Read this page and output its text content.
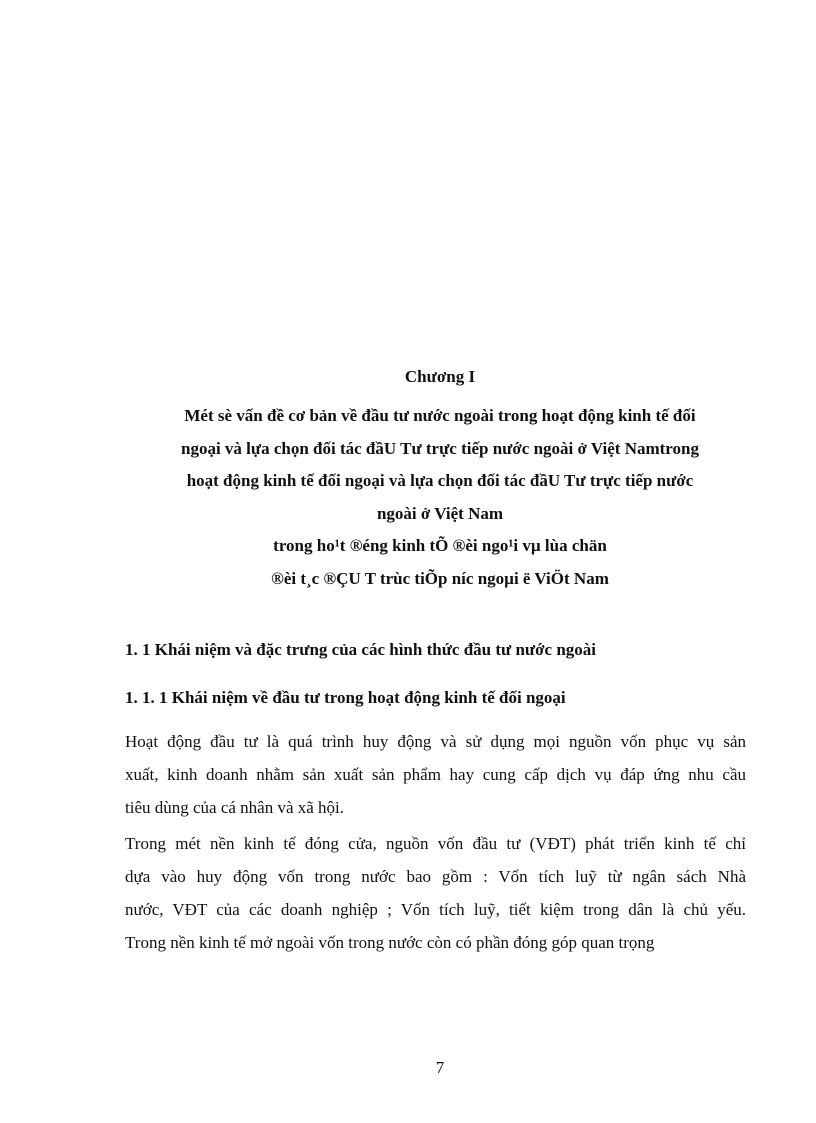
Chương I
Mét sè vấn đề cơ bản về đầu tư nước ngoài trong hoạt động kinh tế đối
ngoại và lựa chọn đối tác đầU Tư trực tiếp nước ngoài ở Việt Namtrong
hoạt động kinh tế đối ngoại và lựa chọn đối tác đầU Tư trực tiếp nước
ngoài ở Việt Nam
trong ho¹t ®éng kinh tÕ ®èi ngo¹i vµ lùa chän
®èi t¸c ®ÇU T trùc tiÕp níc ngoµi ë ViÖt Nam
1. 1 Khái niệm và đặc trưng của các hình thức đầu tư nước ngoài
1. 1. 1 Khái niệm về đầu tư trong hoạt động kinh tế đối ngoại
Hoạt động đầu tư là quá trình huy động và sử dụng mọi nguồn vốn phục vụ sản
xuất, kinh doanh nhằm sản xuất sản phẩm hay cung cấp dịch vụ đáp ứng nhu cầu
tiêu dùng của cá nhân và xã hội.
Trong mét nền kinh tế đóng cửa, nguồn vốn đầu tư (VĐT) phát triển kinh tế chỉ
dựa vào huy động vốn trong nước bao gồm : Vốn tích luỹ từ ngân sách Nhà
nước, VĐT của các doanh nghiệp ; Vốn tích luỹ, tiết kiệm trong dân là chủ yếu.
Trong nền kinh tế mở ngoài vốn trong nước còn có phần đóng góp quan trọng
7
